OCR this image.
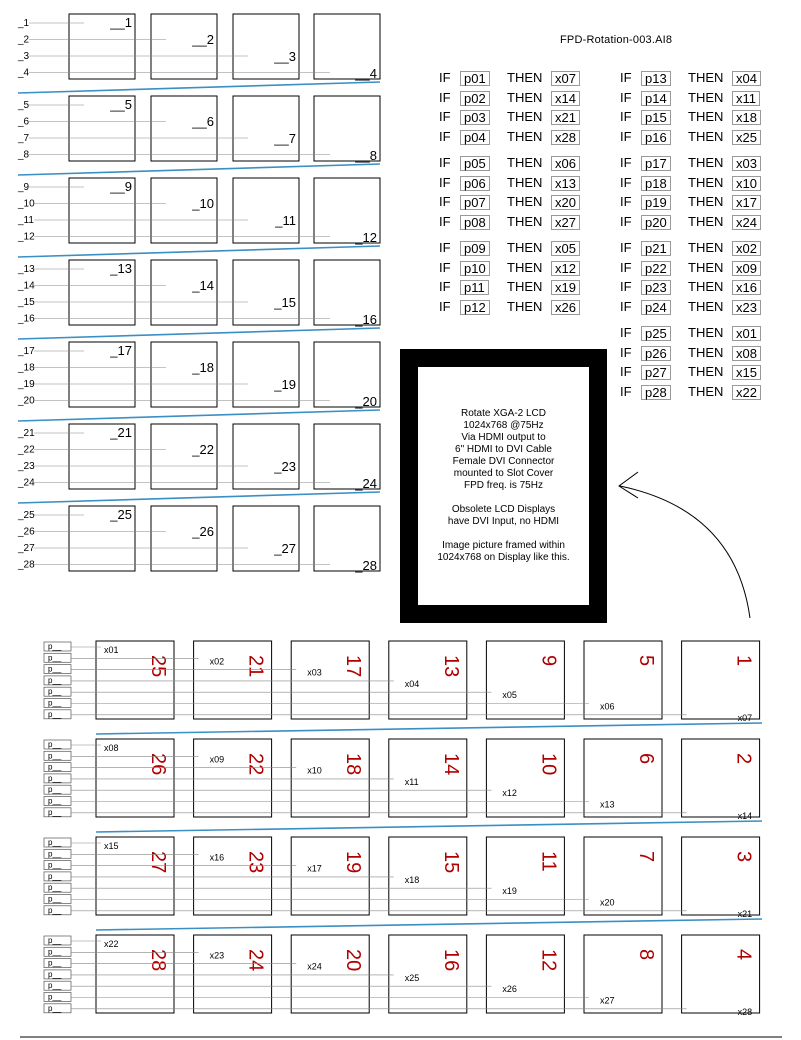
_1	__1
_2	__2
_3	__3
_4	__4
_5	__5
_6	__6
_7	__7
_8	__8
_9	__9
_10	_10
_11	_11
_12	_12
_13	_13
_14	_14
_15	_15
_16	_16
_17	_17
_18	_18
_19	_19
_20	_20
_21	_21
_22	_22
_23	_23
_24	_24
_25	_25
_26	_26
_27	_27
_28	_28
25
x01
21
x02	17
x03	13
x04
9
x05
5
x06
1
x07
p__
p__
p__
p__
p__
p__
p__
26
x08
22
x09	18
x10	14
x11
10
x12
6
x13
2
x14
p__
p__
p__
p__
p__
p__
p__
27
x15
23
x16	19
x17	15
x18
11
x19
7
x20
3
x21
p__
p__
p__
p__
p__
p__
p__
28
x22
24
x23	20
x24	16
x25
12
x26
8
x27
4
x28
p__
p__
p__
p__
p__
p__
p__
FPD-Rotation-003.AI8
IF	p01	THEN x07
IF	p02	THEN x14
IF	p03	THEN x21
IF	p04	THEN x28
IF	p05	THEN x06
IF	p06	THEN x13
IF	p07	THEN x20
IF	p08	THEN x27
IF	p09	THEN x05
IF	p10	THEN x12
IF	p11	THEN x19
IF	p12	THEN x26
IF	p13	THEN x04
IF	p14	THEN x11
IF	p15	THEN x18
IF	p16	THEN x25
IF	p17	THEN x03
IF	p18	THEN x10
IF	p19	THEN x17
IF	p20	THEN x24
IF	p21	THEN x02
IF	p22	THEN x09
IF	p23	THEN x16
IF	p24	THEN x23
IF	p25	THEN x01
IF	p26	THEN x08
IF	p27	THEN x15
IF	p28	THEN x22
Rotate XGA-2 LCD
1024x768 @75Hz
Via HDMI output to
6" HDMI to DVI Cable
Female DVI Connector
mounted to Slot Cover
FPD freq. is 75Hz
Obsolete LCD Displays
have DVI Input, no HDMI
Image picture framed within
1024x768 on Display like this.
